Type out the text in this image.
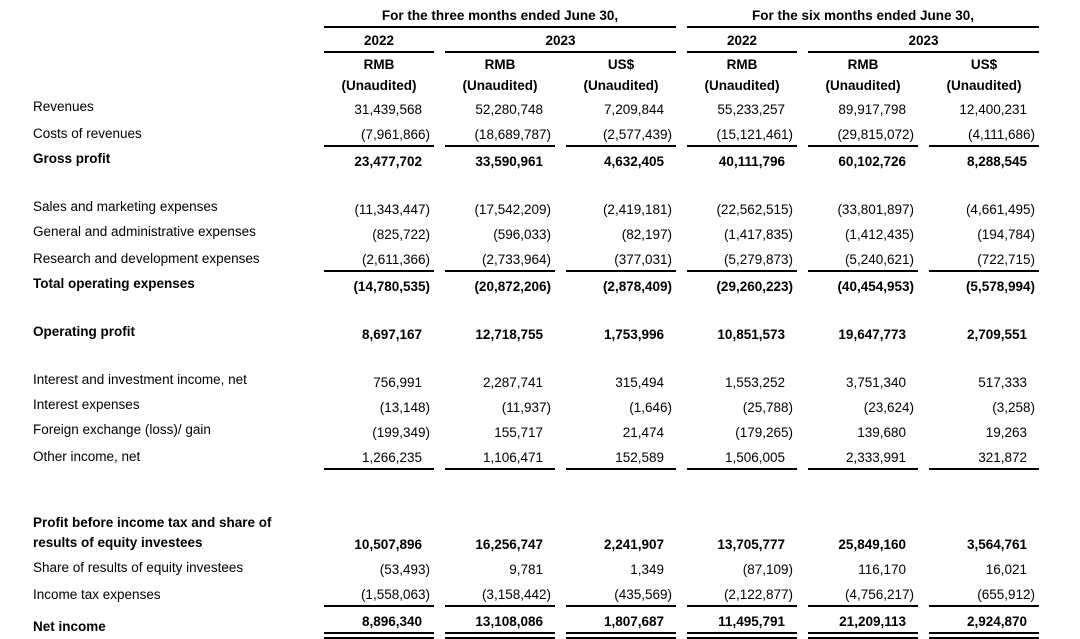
	For the three months ended June 30,			For the six months ended June 30,		
	2022	2023		2022	2023	
	RMB	RMB	US$	RMB	RMB	US$
	(Unaudited)	(Unaudited)	(Unaudited)	(Unaudited)	(Unaudited)	(Unaudited)
Revenues	31,439,568	52,280,748	7,209,844	55,233,257	89,917,798	12,400,231
Costs of revenues	(7,961,866)	(18,689,787)	(2,577,439)	(15,121,461)	(29,815,072)	(4,111,686)
Gross profit	23,477,702	33,590,961	4,632,405	40,111,796	60,102,726	8,288,545

Sales and marketing expenses	(11,343,447)	(17,542,209)	(2,419,181)	(22,562,515)	(33,801,897)	(4,661,495)
General and administrative expenses	(825,722)	(596,033)	(82,197)	(1,417,835)	(1,412,435)	(194,784)
Research and development expenses	(2,611,366)	(2,733,964)	(377,031)	(5,279,873)	(5,240,621)	(722,715)
Total operating expenses	(14,780,535)	(20,872,206)	(2,878,409)	(29,260,223)	(40,454,953)	(5,578,994)

Operating profit	8,697,167	12,718,755	1,753,996	10,851,573	19,647,773	2,709,551

Interest and investment income, net	756,991	2,287,741	315,494	1,553,252	3,751,340	517,333
Interest expenses	(13,148)	(11,937)	(1,646)	(25,788)	(23,624)	(3,258)
Foreign exchange (loss)/ gain	(199,349)	155,717	21,474	(179,265)	139,680	19,263
Other income, net	1,266,235	1,106,471	152,589	1,506,005	2,333,991	321,872

Profit before income tax and share of results of equity investees	10,507,896	16,256,747	2,241,907	13,705,777	25,849,160	3,564,761
Share of results of equity investees	(53,493)	9,781	1,349	(87,109)	116,170	16,021
Income tax expenses	(1,558,063)	(3,158,442)	(435,569)	(2,122,877)	(4,756,217)	(655,912)
Net income	8,896,340	13,108,086	1,807,687	11,495,791	21,209,113	2,924,870
